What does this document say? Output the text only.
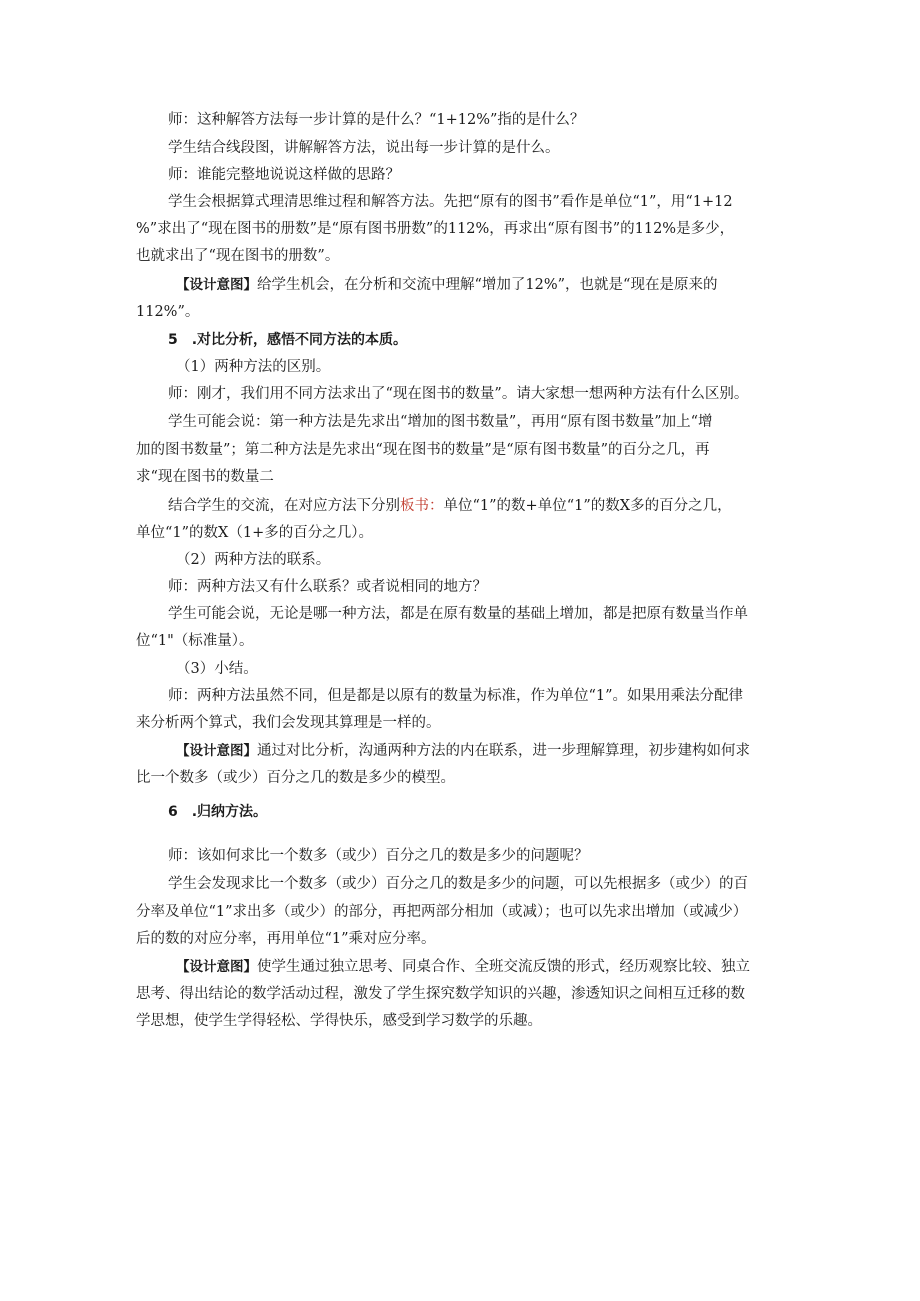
师：这种解答方法每一步计算的是什么？“1+12%”指的是什么？

学生结合线段图，讲解解答方法，说出每一步计算的是什么。

师：谁能完整地说说这样做的思路？

学生会根据算式理清思维过程和解答方法。先把“原有的图书”看作是单位“1”，用“1+12

%”求出了“现在图书的册数”是“原有图书册数”的112%，再求出“原有图书”的112%是多少，

也就求出了“现在图书的册数”。

【设计意图】给学生机会，在分析和交流中理解“增加了12%”，也就是“现在是原来的

112%”。

5　.对比分析，感悟不同方法的本质。

（1）两种方法的区别。

师：刚才，我们用不同方法求出了“现在图书的数量”。请大家想一想两种方法有什么区别。

学生可能会说：第一种方法是先求出“增加的图书数量”，再用“原有图书数量”加上“增

加的图书数量”；第二种方法是先求出“现在图书的数量”是“原有图书数量”的百分之几，再

求“现在图书的数量二

结合学生的交流，在对应方法下分别板书：单位“1”的数+单位“1”的数X多的百分之几，

单位“1”的数X（1+多的百分之几）。

（2）两种方法的联系。

师：两种方法又有什么联系？或者说相同的地方？

学生可能会说，无论是哪一种方法，都是在原有数量的基础上增加，都是把原有数量当作单

位“1"（标准量）。

（3）小结。

师：两种方法虽然不同，但是都是以原有的数量为标准，作为单位“1”。如果用乘法分配律

来分析两个算式，我们会发现其算理是一样的。

【设计意图】通过对比分析，沟通两种方法的内在联系，进一步理解算理，初步建构如何求

比一个数多（或少）百分之几的数是多少的模型。

6　.归纳方法。

师：该如何求比一个数多（或少）百分之几的数是多少的问题呢？

学生会发现求比一个数多（或少）百分之几的数是多少的问题，可以先根据多（或少）的百

分率及单位“1”求出多（或少）的部分，再把两部分相加（或减）；也可以先求出增加（或减少）

后的数的对应分率，再用单位“1”乘对应分率。

【设计意图】使学生通过独立思考、同桌合作、全班交流反馈的形式，经历观察比较、独立

思考、得出结论的数学活动过程，激发了学生探究数学知识的兴趣，渗透知识之间相互迁移的数

学思想，使学生学得轻松、学得快乐，感受到学习数学的乐趣。
